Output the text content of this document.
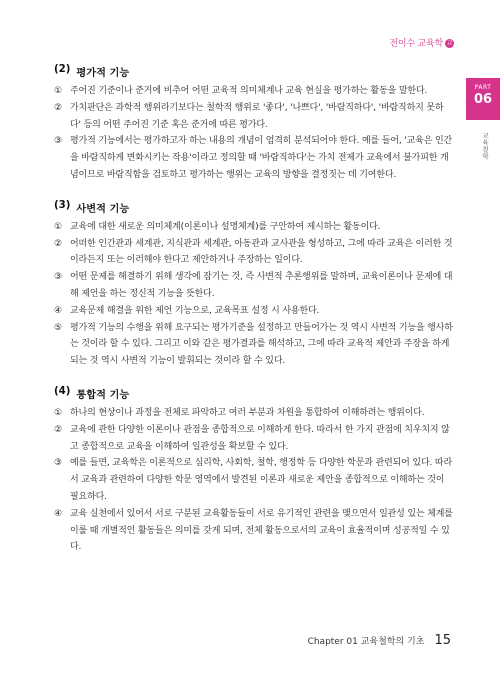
전이수 교육학 교
PART
06
교육철학
(2) 평가적 기능
① 주어진 기준이나 준거에 비추어 어떤 교육적 의미체계나 교육 현실을 평가하는 활동을 말한다.
② 가치판단은 과학적 행위라기보다는 철학적 행위로 '좋다', '나쁘다', '바람직하다', '바람직하지 못하다' 등의 어떤 주어진 기준 혹은 준거에 따른 평가다.
③ 평가적 기능에서는 평가하고자 하는 내용의 개념이 엄격히 분석되어야 한다. 예를 들어, '교육은 인간을 바람직하게 변화시키는 작용'이라고 정의할 때 '바람직하다'는 가치 전제가 교육에서 불가피한 개념이므로 바람직함을 검토하고 평가하는 행위는 교육의 방향을 결정짓는 데 기여한다.
(3) 사변적 기능
① 교육에 대한 새로운 의미체계(이론이나 설명체계)를 구안하여 제시하는 활동이다.
② 어떠한 인간관과 세계관, 지식관과 세계관, 아동관과 교사관을 형성하고, 그에 따라 교육은 이러한 것이라든지 또는 이러해야 한다고 제안하거나 주장하는 일이다.
③ 어떤 문제를 해결하기 위해 생각에 잠기는 것, 즉 사변적 추론행위를 말하며, 교육이론이나 문제에 대해 제언을 하는 정신적 기능을 뜻한다.
④ 교육문제 해결을 위한 제언 기능으로, 교육목표 설정 시 사용한다.
⑤ 평가적 기능의 수행을 위해 요구되는 평가기준을 설정하고 만들어가는 것 역시 사변적 기능을 행사하는 것이라 할 수 있다. 그리고 이와 같은 평가결과를 해석하고, 그에 따라 교육적 제안과 주장을 하게 되는 것 역시 사변적 기능이 발휘되는 것이라 할 수 있다.
(4) 통합적 기능
① 하나의 현상이나 과정을 전체로 파악하고 여러 부분과 차원을 통합하여 이해하려는 행위이다.
② 교육에 관한 다양한 이론이나 관점을 종합적으로 이해하게 한다. 따라서 한 가지 관점에 치우치지 않고 종합적으로 교육을 이해하여 일관성을 확보할 수 있다.
③ 예를 들면, 교육학은 이론적으로 심리학, 사회학, 철학, 행정학 등 다양한 학문과 관련되어 있다. 따라서 교육과 관련하여 다양한 학문 영역에서 발견된 이론과 새로운 제안을 종합적으로 이해하는 것이 필요하다.
④ 교육 실천에서 있어서 서로 구분된 교육활동들이 서로 유기적인 관련을 맺으면서 일관성 있는 체계를 이룰 때 개별적인 활동들은 의미를 갖게 되며, 전체 활동으로서의 교육이 효율적이며 성공적일 수 있다.
Chapter 01 교육철학의 기초 15
